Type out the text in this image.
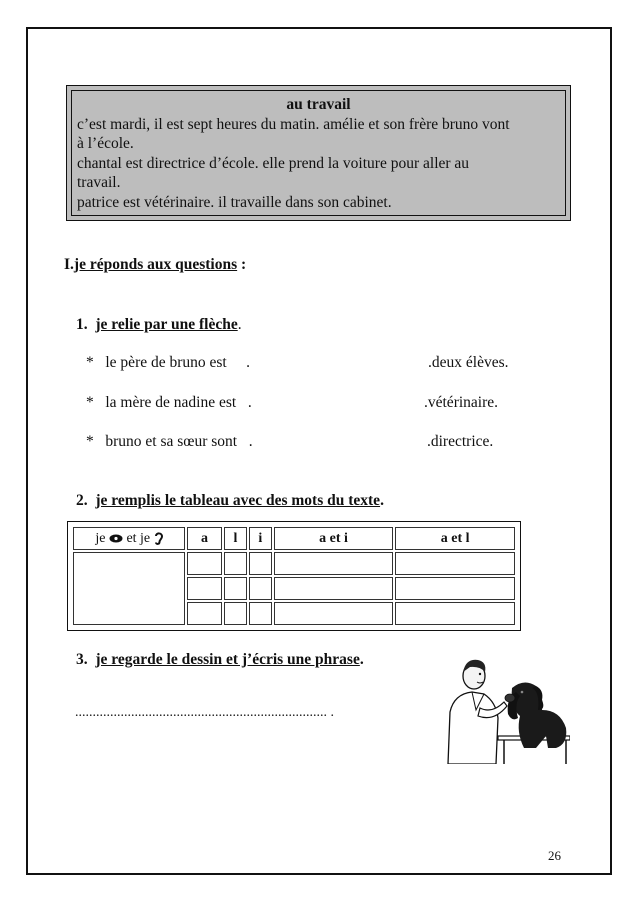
au travail
c’est mardi, il est sept heures du matin. amélie et son frère bruno vont
à l’école.
chantal est directrice d’école. elle prend la voiture pour aller au
travail.
patrice est vétérinaire. il travaille dans son cabinet.
I.je réponds aux questions :
1. je relie par une flèche.
*   le père de bruno est     .
*   la mère de nadine est   .
*   bruno et sa sœur sont   .
.deux élèves.
.vétérinaire.
.directrice.
2. je remplis le tableau avec des mots du texte.
je et je	a	l	i	a et i	a et l

3. je regarde le dessin et j’écris une phrase.
........................................................................ .
26
